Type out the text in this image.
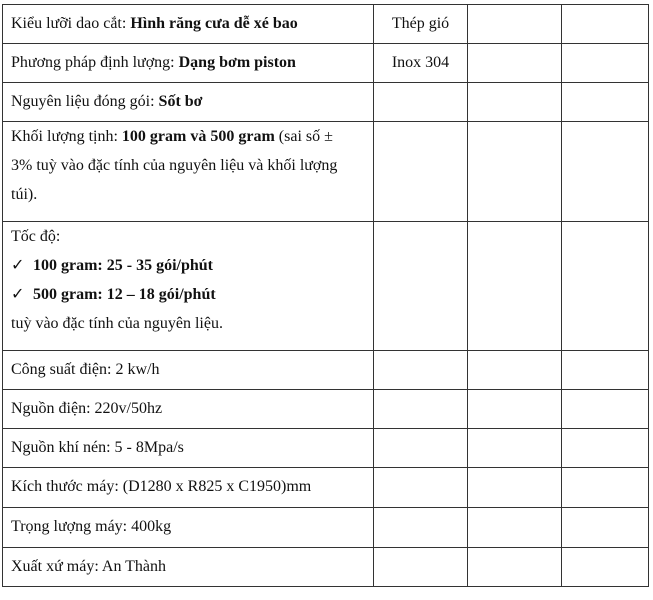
Kiểu lưỡi dao cắt: Hình răng cưa dễ xé bao	Thép gió		

Phương pháp định lượng: Dạng bơm piston	Inox 304		

Nguyên liệu đóng gói: Sốt bơ			

Khối lượng tịnh: 100 gram và 500 gram (sai số ±
3% tuỳ vào đặc tính của nguyên liệu và khối lượng
túi).			

Tốc độ:
✓ 100 gram: 25 - 35 gói/phút
✓ 500 gram: 12 – 18 gói/phút
tuỳ vào đặc tính của nguyên liệu.			

Công suất điện: 2 kw/h			

Nguồn điện: 220v/50hz			

Nguồn khí nén: 5 - 8Mpa/s			

Kích thước máy: (D1280 x R825 x C1950)mm			

Trọng lượng máy: 400kg			

Xuất xứ máy: An Thành			
